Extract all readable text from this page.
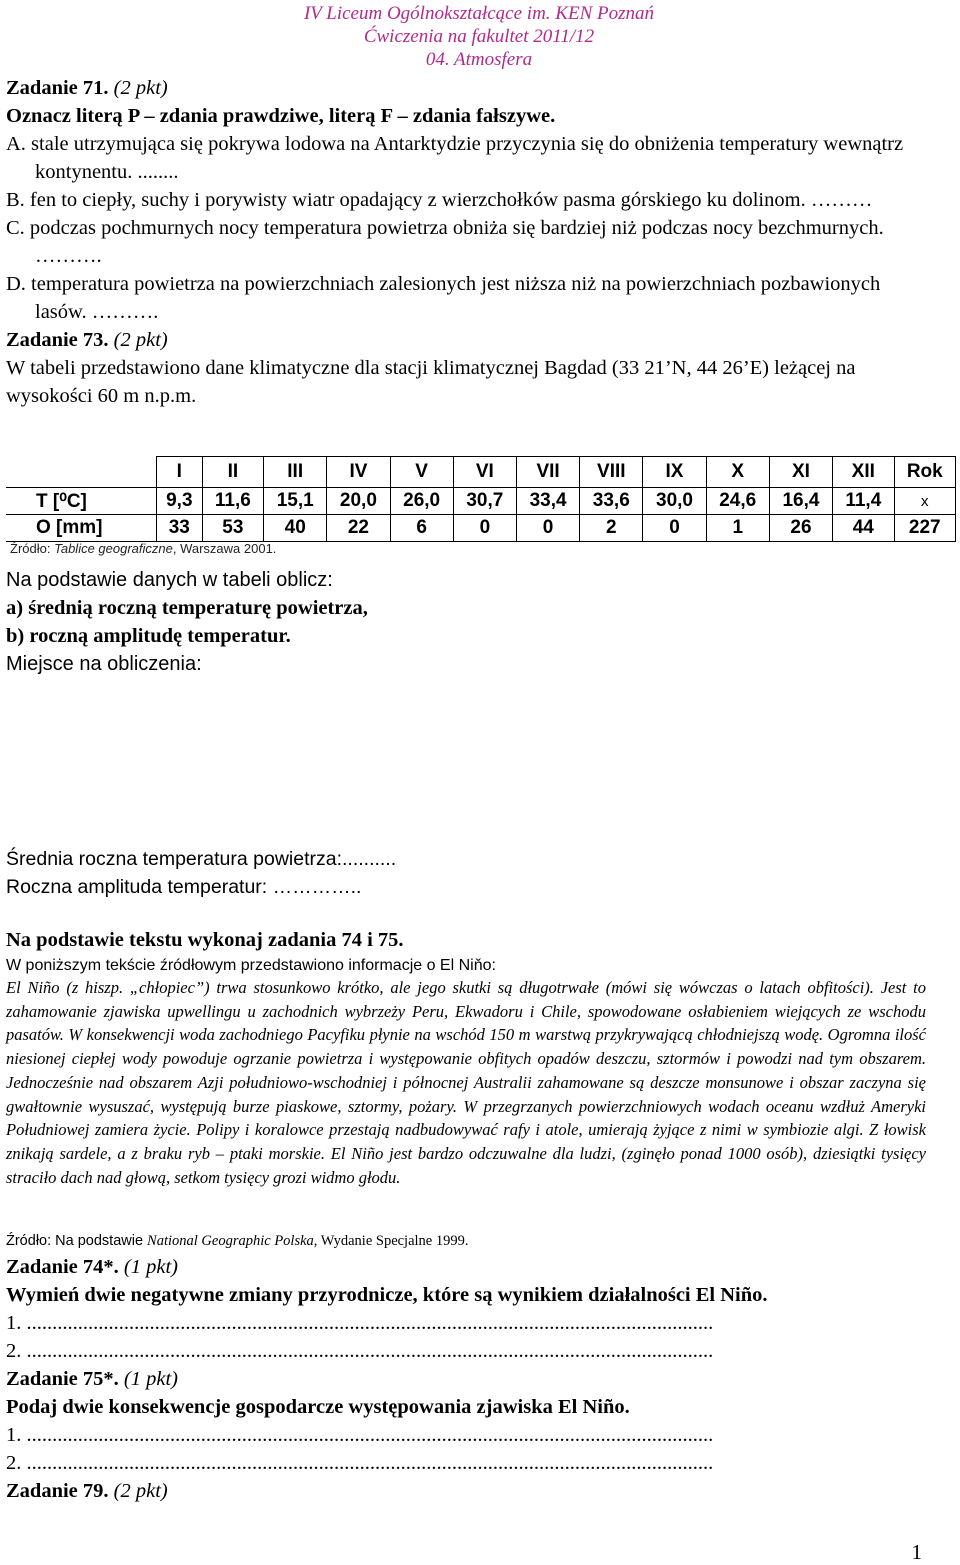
IV Liceum Ogólnokształcące im. KEN Poznań
Ćwiczenia na fakultet 2011/12
04. Atmosfera
Zadanie 71. (2 pkt)
Oznacz literą P – zdania prawdziwe, literą F – zdania fałszywe.
A. stale utrzymująca się pokrywa lodowa na Antarktydzie przyczynia się do obniżenia temperatury wewnątrz kontynentu. ........
B. fen to ciepły, suchy i porywisty wiatr opadający z wierzchołków pasma górskiego ku dolinom. ………
C. podczas pochmurnych nocy temperatura powietrza obniża się bardziej niż podczas nocy bezchmurnych. ……….
D. temperatura powietrza na powierzchniach zalesionych jest niższa niż na powierzchniach pozbawionych lasów. ……….
Zadanie 73. (2 pkt)
W tabeli przedstawiono dane klimatyczne dla stacji klimatycznej Bagdad (33 21’N, 44 26’E) leżącej na wysokości 60 m n.p.m.
	I	II	III	IV	V	VI	VII	VIII	IX	X	XI	XII	Rok
T [⁰C]	9,3	11,6	15,1	20,0	26,0	30,7	33,4	33,6	30,0	24,6	16,4	11,4	x
O [mm]	33	53	40	22	6	0	0	2	0	1	26	44	227
Źródło: Tablice geograficzne, Warszawa 2001.
Na podstawie danych w tabeli oblicz:
a) średnią roczną temperaturę powietrza,
b) roczną amplitudę temperatur.
Miejsce na obliczenia:
Średnia roczna temperatura powietrza:..........
Roczna amplituda temperatur: …………..
Na podstawie tekstu wykonaj zadania 74 i 75.
W poniższym tekście źródłowym przedstawiono informacje o El Niňo:
El Niño (z hiszp. „chłopiec”) trwa stosunkowo krótko, ale jego skutki są długotrwałe (mówi się wówczas o latach obfitości). Jest to zahamowanie zjawiska upwellingu u zachodnich wybrzeży Peru, Ekwadoru i Chile, spowodowane osłabieniem wiejących ze wschodu pasatów. W konsekwencji woda zachodniego Pacyfiku płynie na wschód 150 m warstwą przykrywającą chłodniejszą wodę. Ogromna ilość niesionej ciepłej wody powoduje ogrzanie powietrza i występowanie obfitych opadów deszczu, sztormów i powodzi nad tym obszarem. Jednocześnie nad obszarem Azji południowo-wschodniej i północnej Australii zahamowane są deszcze monsunowe i obszar zaczyna się gwałtownie wysuszać, występują burze piaskowe, sztormy, pożary. W przegrzanych powierzchniowych wodach oceanu wzdłuż Ameryki Południowej zamiera życie. Polipy i koralowce przestają nadbudowywać rafy i atole, umierają żyjące z nimi w symbiozie algi. Z łowisk znikają sardele, a z braku ryb – ptaki morskie. El Niño jest bardzo odczuwalne dla ludzi, (zginęło ponad 1000 osób), dziesiątki tysięcy straciło dach nad głową, setkom tysięcy grozi widmo głodu.
Źródło: Na podstawie National Geographic Polska, Wydanie Specjalne 1999.
Zadanie 74*. (1 pkt)
Wymień dwie negatywne zmiany przyrodnicze, które są wynikiem działalności El Niño.
1. ......................................................................................................................................
2. ......................................................................................................................................
Zadanie 75*. (1 pkt)
Podaj dwie konsekwencje gospodarcze występowania zjawiska El Niño.
1. ......................................................................................................................................
2. ......................................................................................................................................
Zadanie 79. (2 pkt)
1
